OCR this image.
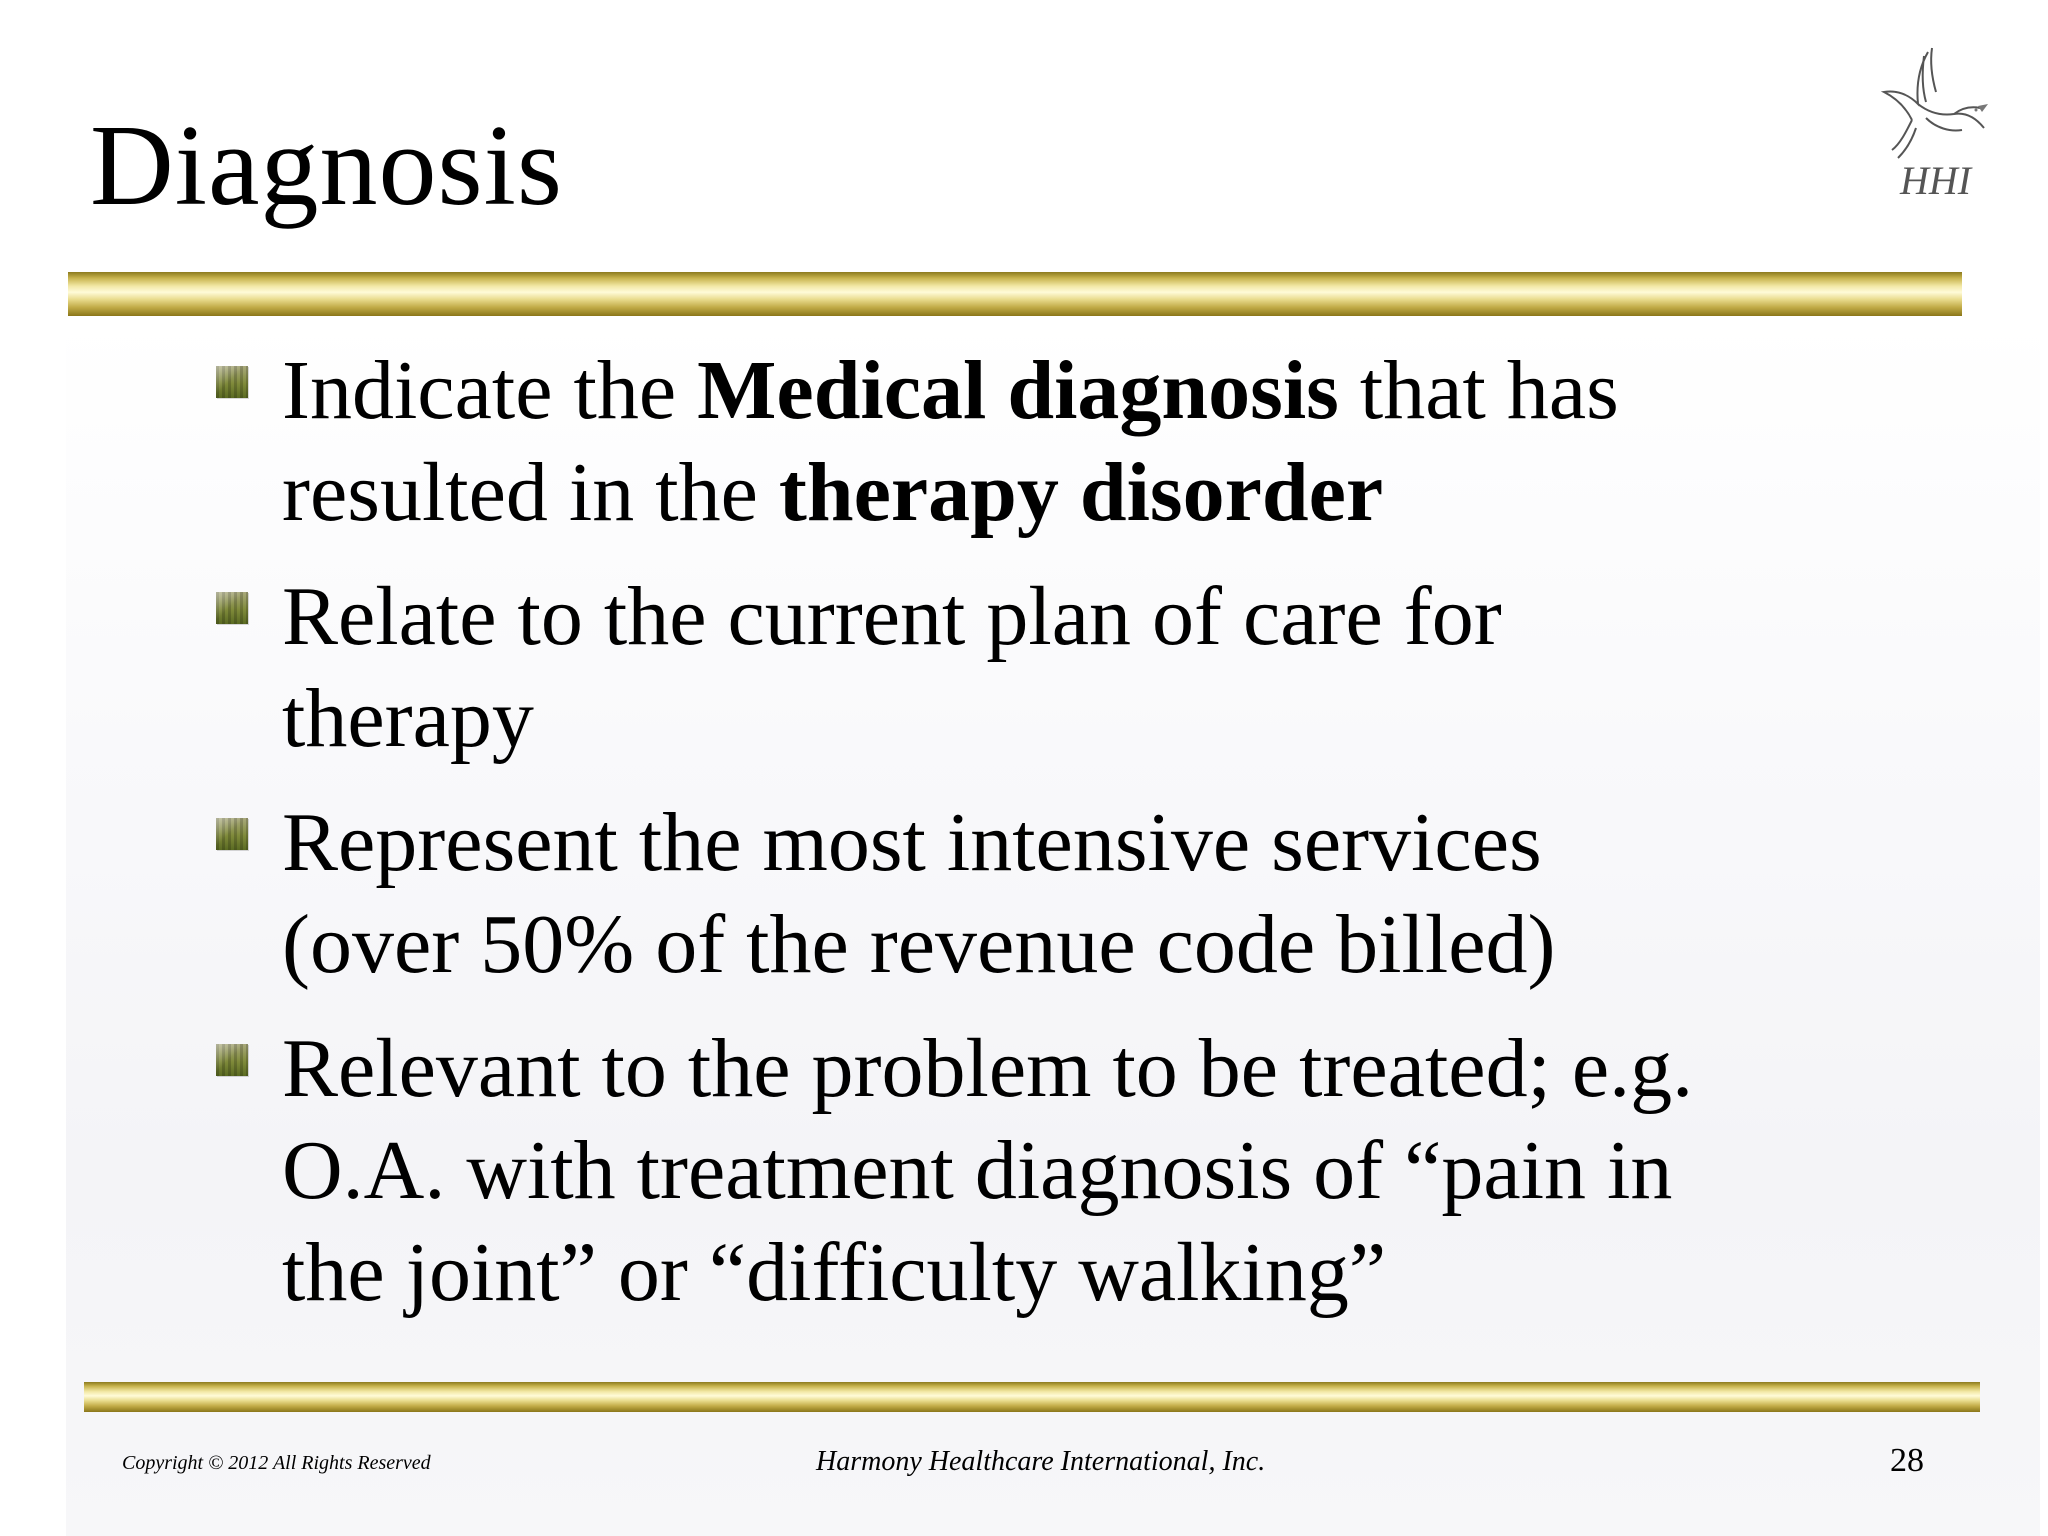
Diagnosis	HHI
Indicate the Medical diagnosis that has
resulted in the therapy disorder
Relate to the current plan of care for
therapy
Represent the most intensive services
(over 50% of the revenue code billed)
Relevant to the problem to be treated; e.g.
O.A. with treatment diagnosis of “pain in
the joint” or “difficulty walking”
Copyright © 2012 All Rights Reserved	Harmony Healthcare International, Inc.	28
